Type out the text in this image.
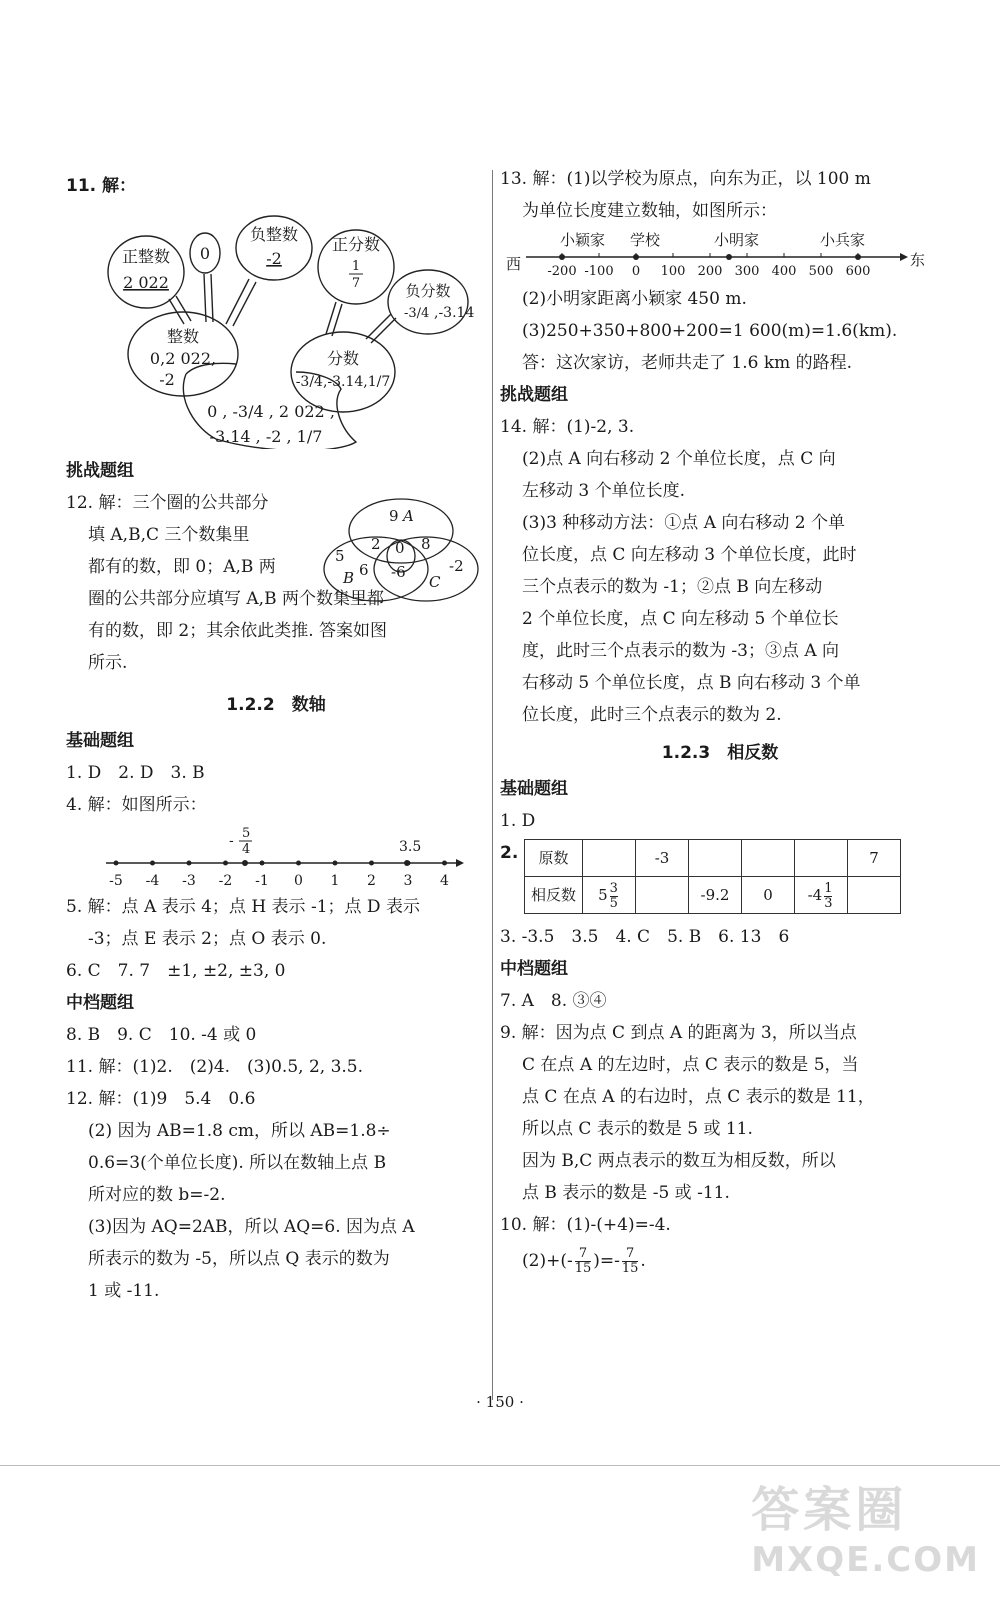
11. 解：
正整数
2 022
0
负整数
-2
正分数
1
7	负分数
-3/4 ,-3.14
整数
0,2 022,
-2
分数
-3/4,-3.14,1/7
0 , -3/4 , 2 022 ,
-3.14 , -2 , 1/7
挑战题组
9 A
2 0 8
5
B 6 -6
C
-2
12. 解：三个圈的公共部分
填 A,B,C 三个数集里
都有的数，即 0；A,B 两
圈的公共部分应填写 A,B 两个数集里都
有的数，即 2；其余依此类推. 答案如图
所示.
1.2.2　数轴
基础题组
1. D　2. D　3. B
4. 解：如图所示：
-5 -4 -3 -2 -1 0 1 2 3 4
- 5
4	3.5
5. 解：点 A 表示 4；点 H 表示 -1；点 D 表示
-3；点 E 表示 2；点 O 表示 0.
6. C　7. 7　±1, ±2, ±3, 0
中档题组
8. B　9. C　10. -4 或 0
11. 解：(1)2.　(2)4.　(3)0.5, 2, 3.5.
12. 解：(1)9　5.4　0.6
(2) 因为 AB=1.8 cm，所以 AB=1.8÷
0.6=3(个单位长度). 所以在数轴上点 B
所对应的数 b=-2.
(3)因为 AQ=2AB，所以 AQ=6. 因为点 A
所表示的数为 -5，所以点 Q 表示的数为
1 或 -11.
13. 解：(1)以学校为原点，向东为正，以 100 m
为单位长度建立数轴，如图所示：
西	东
-200 -100 0 100 200 300 400 500 600
小颖家 学校	小明家	小兵家
(2)小明家距离小颖家 450 m.
(3)250+350+800+200=1 600(m)=1.6(km).
答：这次家访，老师共走了 1.6 km 的路程.
挑战题组
14. 解：(1)-2, 3.
(2)点 A 向右移动 2 个单位长度，点 C 向
左移动 3 个单位长度.
(3)3 种移动方法：①点 A 向右移动 2 个单
位长度，点 C 向左移动 3 个单位长度，此时
三个点表示的数为 -1；②点 B 向左移动
2 个单位长度，点 C 向左移动 5 个单位长
度，此时三个点表示的数为 -3；③点 A 向
右移动 5 个单位长度，点 B 向右移动 3 个单
位长度，此时三个点表示的数为 2.
1.2.3　相反数
基础题组
1. D
2. 原数		-3				7
相反数	$5 \frac{3}{5}$		-9.2	0	$-4 \frac{1}{3}$

3. -3.5　3.5　4. C　5. B　6. 13　6
中档题组
7. A　8. ③④
9. 解：因为点 C 到点 A 的距离为 3，所以当点
C 在点 A 的左边时，点 C 表示的数是 5，当
点 C 在点 A 的右边时，点 C 表示的数是 11，
所以点 C 表示的数是 5 或 11.
因为 B,C 两点表示的数互为相反数，所以
点 B 表示的数是 -5 或 -11.
10. 解：(1)-(+4)=-4.
$(2)+(- \frac{7}{15}$ )=- $\frac{7}{15}$ .
· 150 ·
答案圈
MXQE.COM
